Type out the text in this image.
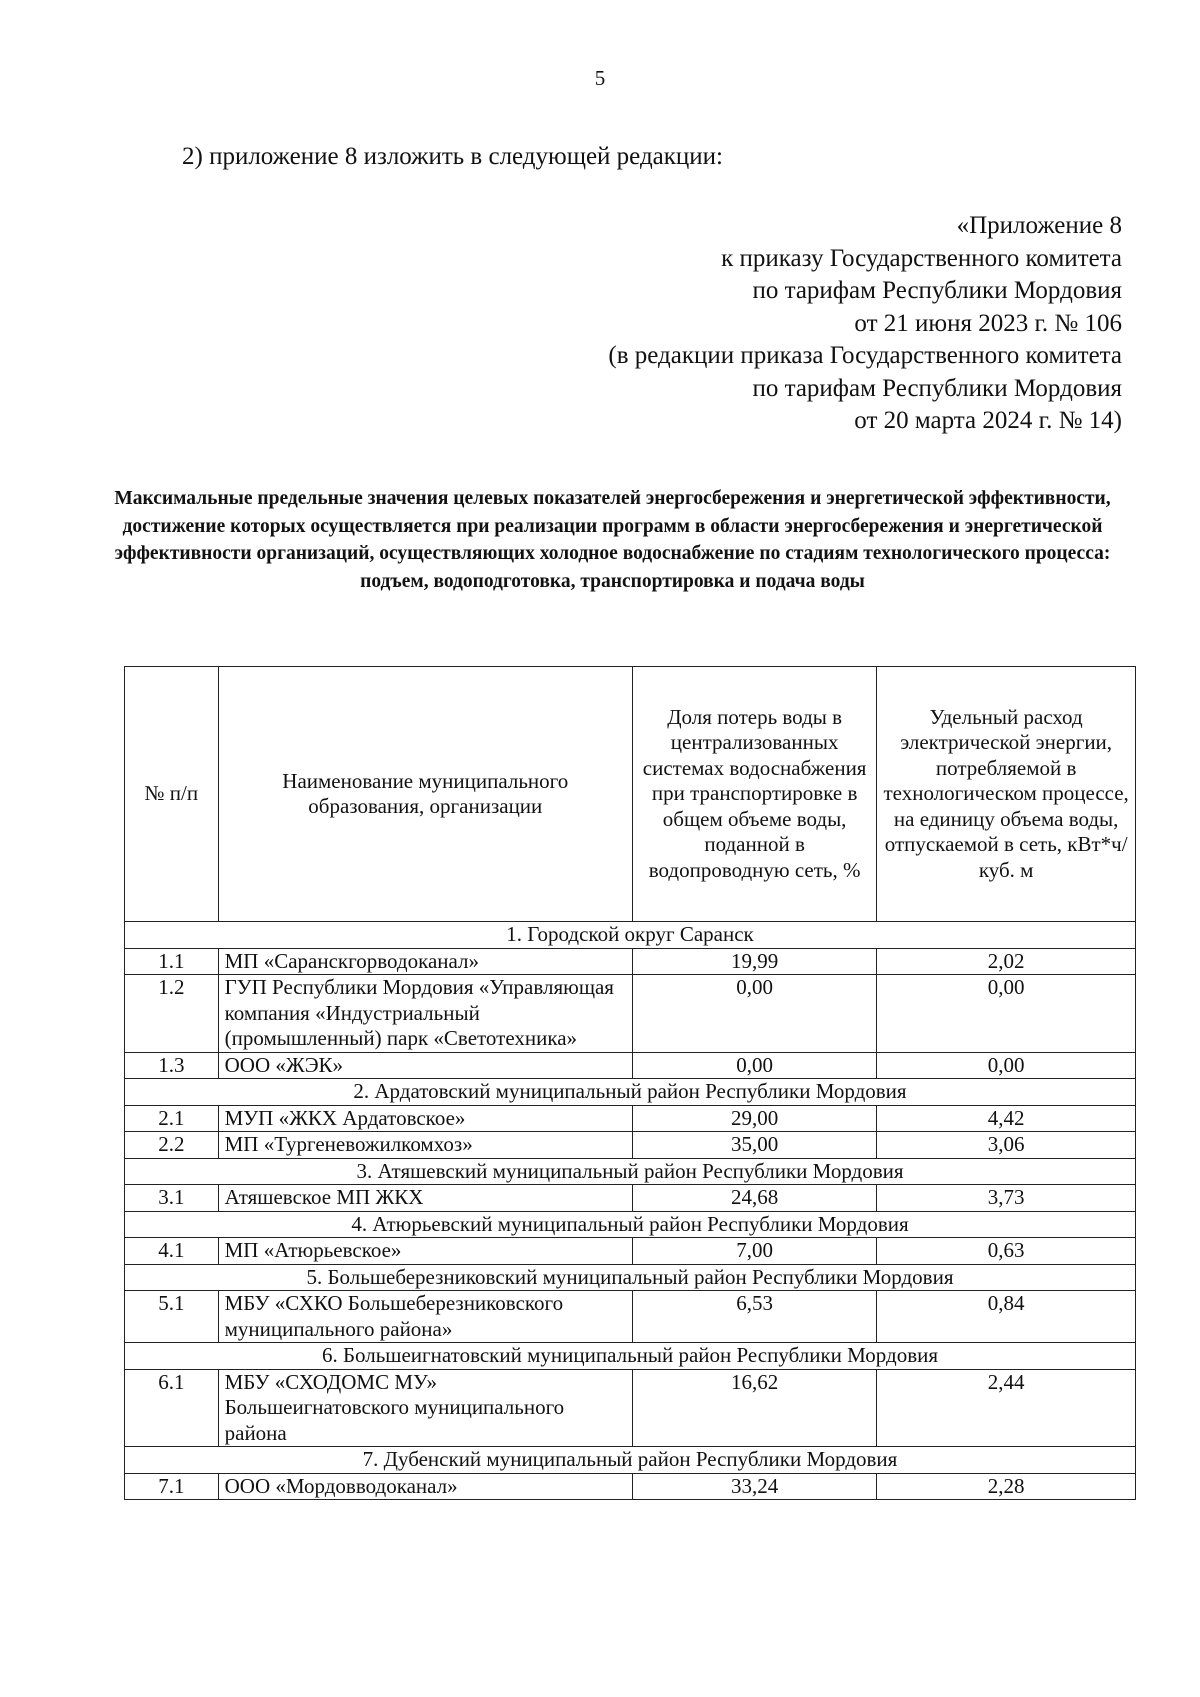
5
2) приложение 8 изложить в следующей редакции:
«Приложение 8
к приказу Государственного комитета
по тарифам Республики Мордовия
от 21 июня 2023 г. № 106
(в редакции приказа Государственного комитета
по тарифам Республики Мордовия
от 20 марта 2024 г. № 14)
Максимальные предельные значения целевых показателей энергосбережения и энергетической эффективности, достижение которых осуществляется при реализации программ в области энергосбережения и энергетической эффективности организаций, осуществляющих холодное водоснабжение по стадиям технологического процесса: подъем, водоподготовка, транспортировка и подача воды
№ п/п	Наименование муниципального образования, организации	Доля потерь воды в централизованных системах водоснабжения при транспортировке в общем объеме воды, поданной в водопроводную сеть, %	Удельный расход электрической энергии, потребляемой в технологическом процессе, на единицу объема воды, отпускаемой в сеть, кВт*ч/куб. м
1. Городской округ Саранск			
1.1	МП «Саранскгорводоканал»	19,99	2,02
1.2	ГУП Республики Мордовия «Управляющая компания «Индустриальный (промышленный) парк «Светотехника»	0,00	0,00
1.3	ООО «ЖЭК»	0,00	0,00
2. Ардатовский муниципальный район Республики Мордовия			
2.1	МУП «ЖКХ Ардатовское»	29,00	4,42
2.2	МП «Тургеневожилкомхоз»	35,00	3,06
3. Атяшевский муниципальный район Республики Мордовия			
3.1	Атяшевское МП ЖКХ	24,68	3,73
4. Атюрьевский муниципальный район Республики Мордовия			
4.1	МП «Атюрьевское»	7,00	0,63
5. Большеберезниковский муниципальный район Республики Мордовия			
5.1	МБУ «СХКО Большеберезниковского муниципального района»	6,53	0,84
6. Большеигнатовский муниципальный район Республики Мордовия			
6.1	МБУ «СХОДОМС МУ» Большеигнатовского муниципального района	16,62	2,44
7. Дубенский муниципальный район Республики Мордовия			
7.1	ООО «Мордовводоканал»	33,24	2,28
